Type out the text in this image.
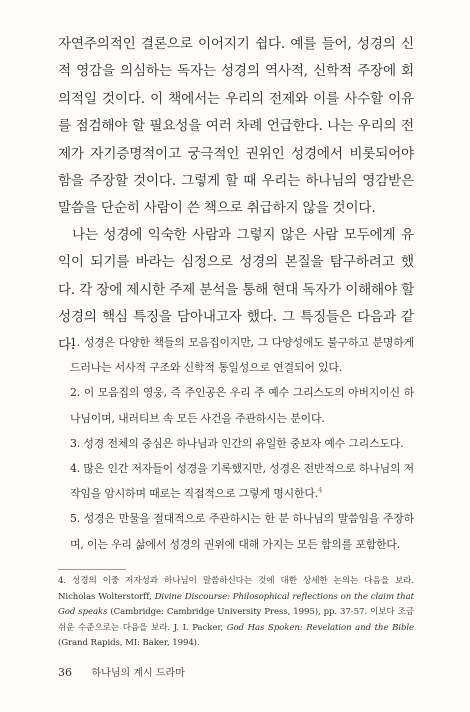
자연주의적인 결론으로 이어지기 쉽다. 예를 들어, 성경의 신적 영감을 의심하는 독자는 성경의 역사적, 신학적 주장에 회의적일 것이다. 이 책에서는 우리의 전제와 이를 사수할 이유를 점검해야 할 필요성을 여러 차례 언급한다. 나는 우리의 전제가 자기증명적이고 궁극적인 권위인 성경에서 비롯되어야 함을 주장할 것이다. 그렇게 할 때 우리는 하나님의 영감받은 말씀을 단순히 사람이 쓴 책으로 취급하지 않을 것이다.

나는 성경에 익숙한 사람과 그렇지 않은 사람 모두에게 유익이 되기를 바라는 심정으로 성경의 본질을 탐구하려고 했다. 각 장에 제시한 주제 분석을 통해 현대 독자가 이해해야 할 성경의 핵심 특징을 담아내고자 했다. 그 특징들은 다음과 같다.

1. 성경은 다양한 책들의 모음집이지만, 그 다양성에도 불구하고 분명하게 드러나는 서사적 구조와 신학적 통일성으로 연결되어 있다.
2. 이 모음집의 영웅, 즉 주인공은 우리 주 예수 그리스도의 아버지이신 하나님이며, 내러티브 속 모든 사건을 주관하시는 분이다.
3. 성경 전체의 중심은 하나님과 인간의 유일한 중보자 예수 그리스도다.
4. 많은 인간 저자들이 성경을 기록했지만, 성경은 전반적으로 하나님의 저작임을 암시하며 때로는 직접적으로 그렇게 명시한다.$^4$
5. 성경은 만물을 절대적으로 주관하시는 한 분 하나님의 말씀임을 주장하며, 이는 우리 삶에서 성경의 권위에 대해 가지는 모든 함의를 포함한다.

4. 성경의 이중 저자성과 하나님이 말씀하신다는 것에 대한 상세한 논의는 다음을 보라. Nicholas Wolterstorff, Divine Discourse: Philosophical reflections on the claim that God speaks (Cambridge: Cambridge University Press, 1995), pp. 37-57. 이보다 조금 쉬운 수준으로는 다음을 보라. J. I. Packer, God Has Spoken: Revelation and the Bible (Grand Rapids, MI: Baker, 1994).

36 하나님의 계시 드라마
